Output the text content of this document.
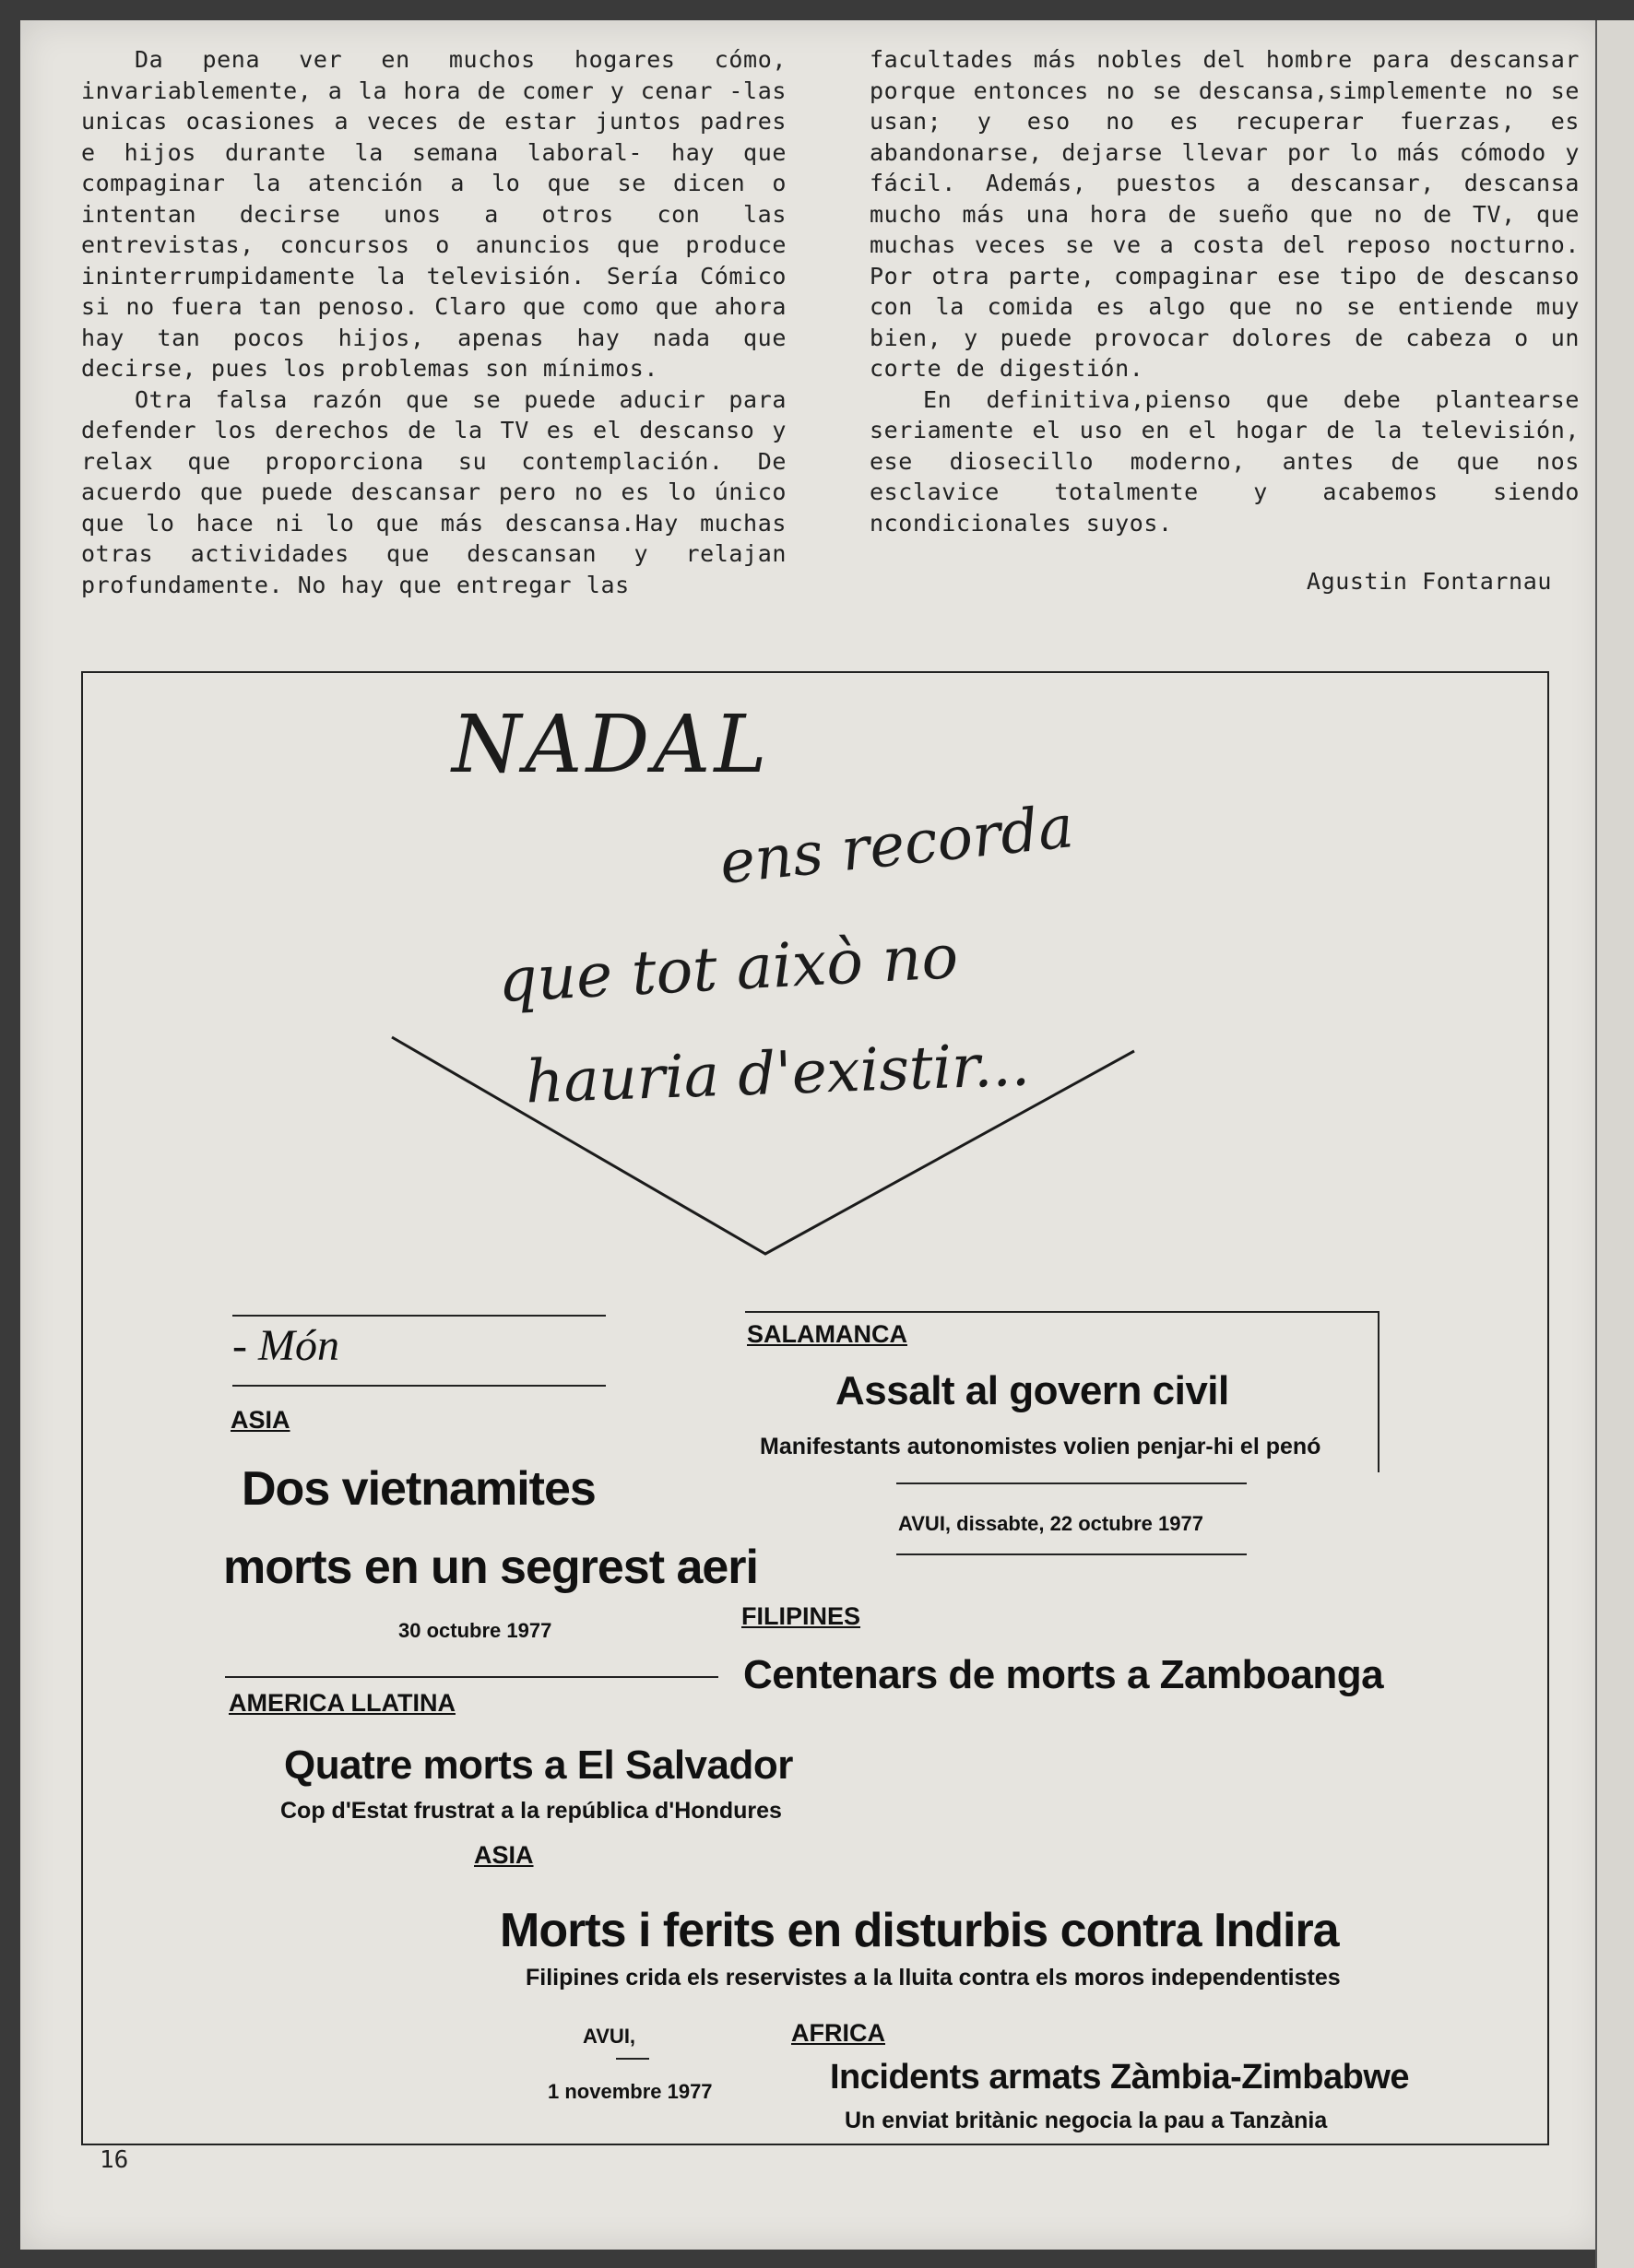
Da pena ver en muchos hogares cómo, invariablemente, a la hora de comer y cenar -las unicas ocasiones a veces de estar juntos padres e hijos durante la semana laboral- hay que compaginar la atención a lo que se dicen o intentan decirse unos a otros con las entrevistas, concursos o anuncios que produce ininterrumpidamente la televisión. Sería Cómico si no fuera tan penoso. Claro que como que ahora hay tan pocos hijos, apenas hay nada que decirse, pues los problemas son mínimos.

Otra falsa razón que se puede aducir para defender los derechos de la TV es el descanso y relax que proporciona su contemplación. De acuerdo que puede descansar pero no es lo único que lo hace ni lo que más descansa.Hay muchas otras actividades que descansan y relajan profundamente. No hay que entregar las

facultades más nobles del hombre para descansar porque entonces no se descansa,simplemente no se usan; y eso no es recuperar fuerzas, es abandonarse, dejarse llevar por lo más cómodo y fácil. Además, puestos a descansar, descansa mucho más una hora de sueño que no de TV, que muchas veces se ve a costa del reposo nocturno. Por otra parte, compaginar ese tipo de descanso con la comida es algo que no se entiende muy bien, y puede provocar dolores de cabeza o un corte de digestión.

En definitiva,pienso que debe plantearse seriamente el uso en el hogar de la televisión, ese diosecillo moderno, antes de que nos esclavice totalmente y acabemos siendo ncondicionales suyos.

Agustin Fontarnau

NADAL
ens recorda
que tot això no
hauria d'existir...
- Món
ASIA
Dos vietnamites
morts en un segrest aeri
30 octubre 1977
SALAMANCA
Assalt al govern civil
Manifestants autonomistes volien penjar-hi el penó
AVUI, dissabte, 22 octubre 1977
FILIPINES
Centenars de morts a Zamboanga
AMERICA LLATINA
Quatre morts a El Salvador
Cop d'Estat frustrat a la república d'Hondures
ASIA
Morts i ferits en disturbis contra Indira
Filipines crida els reservistes a la lluita contra els moros independentistes
AVUI,
1 novembre 1977
AFRICA
Incidents armats Zàmbia-Zimbabwe
Un enviat britànic negocia la pau a Tanzània
16
